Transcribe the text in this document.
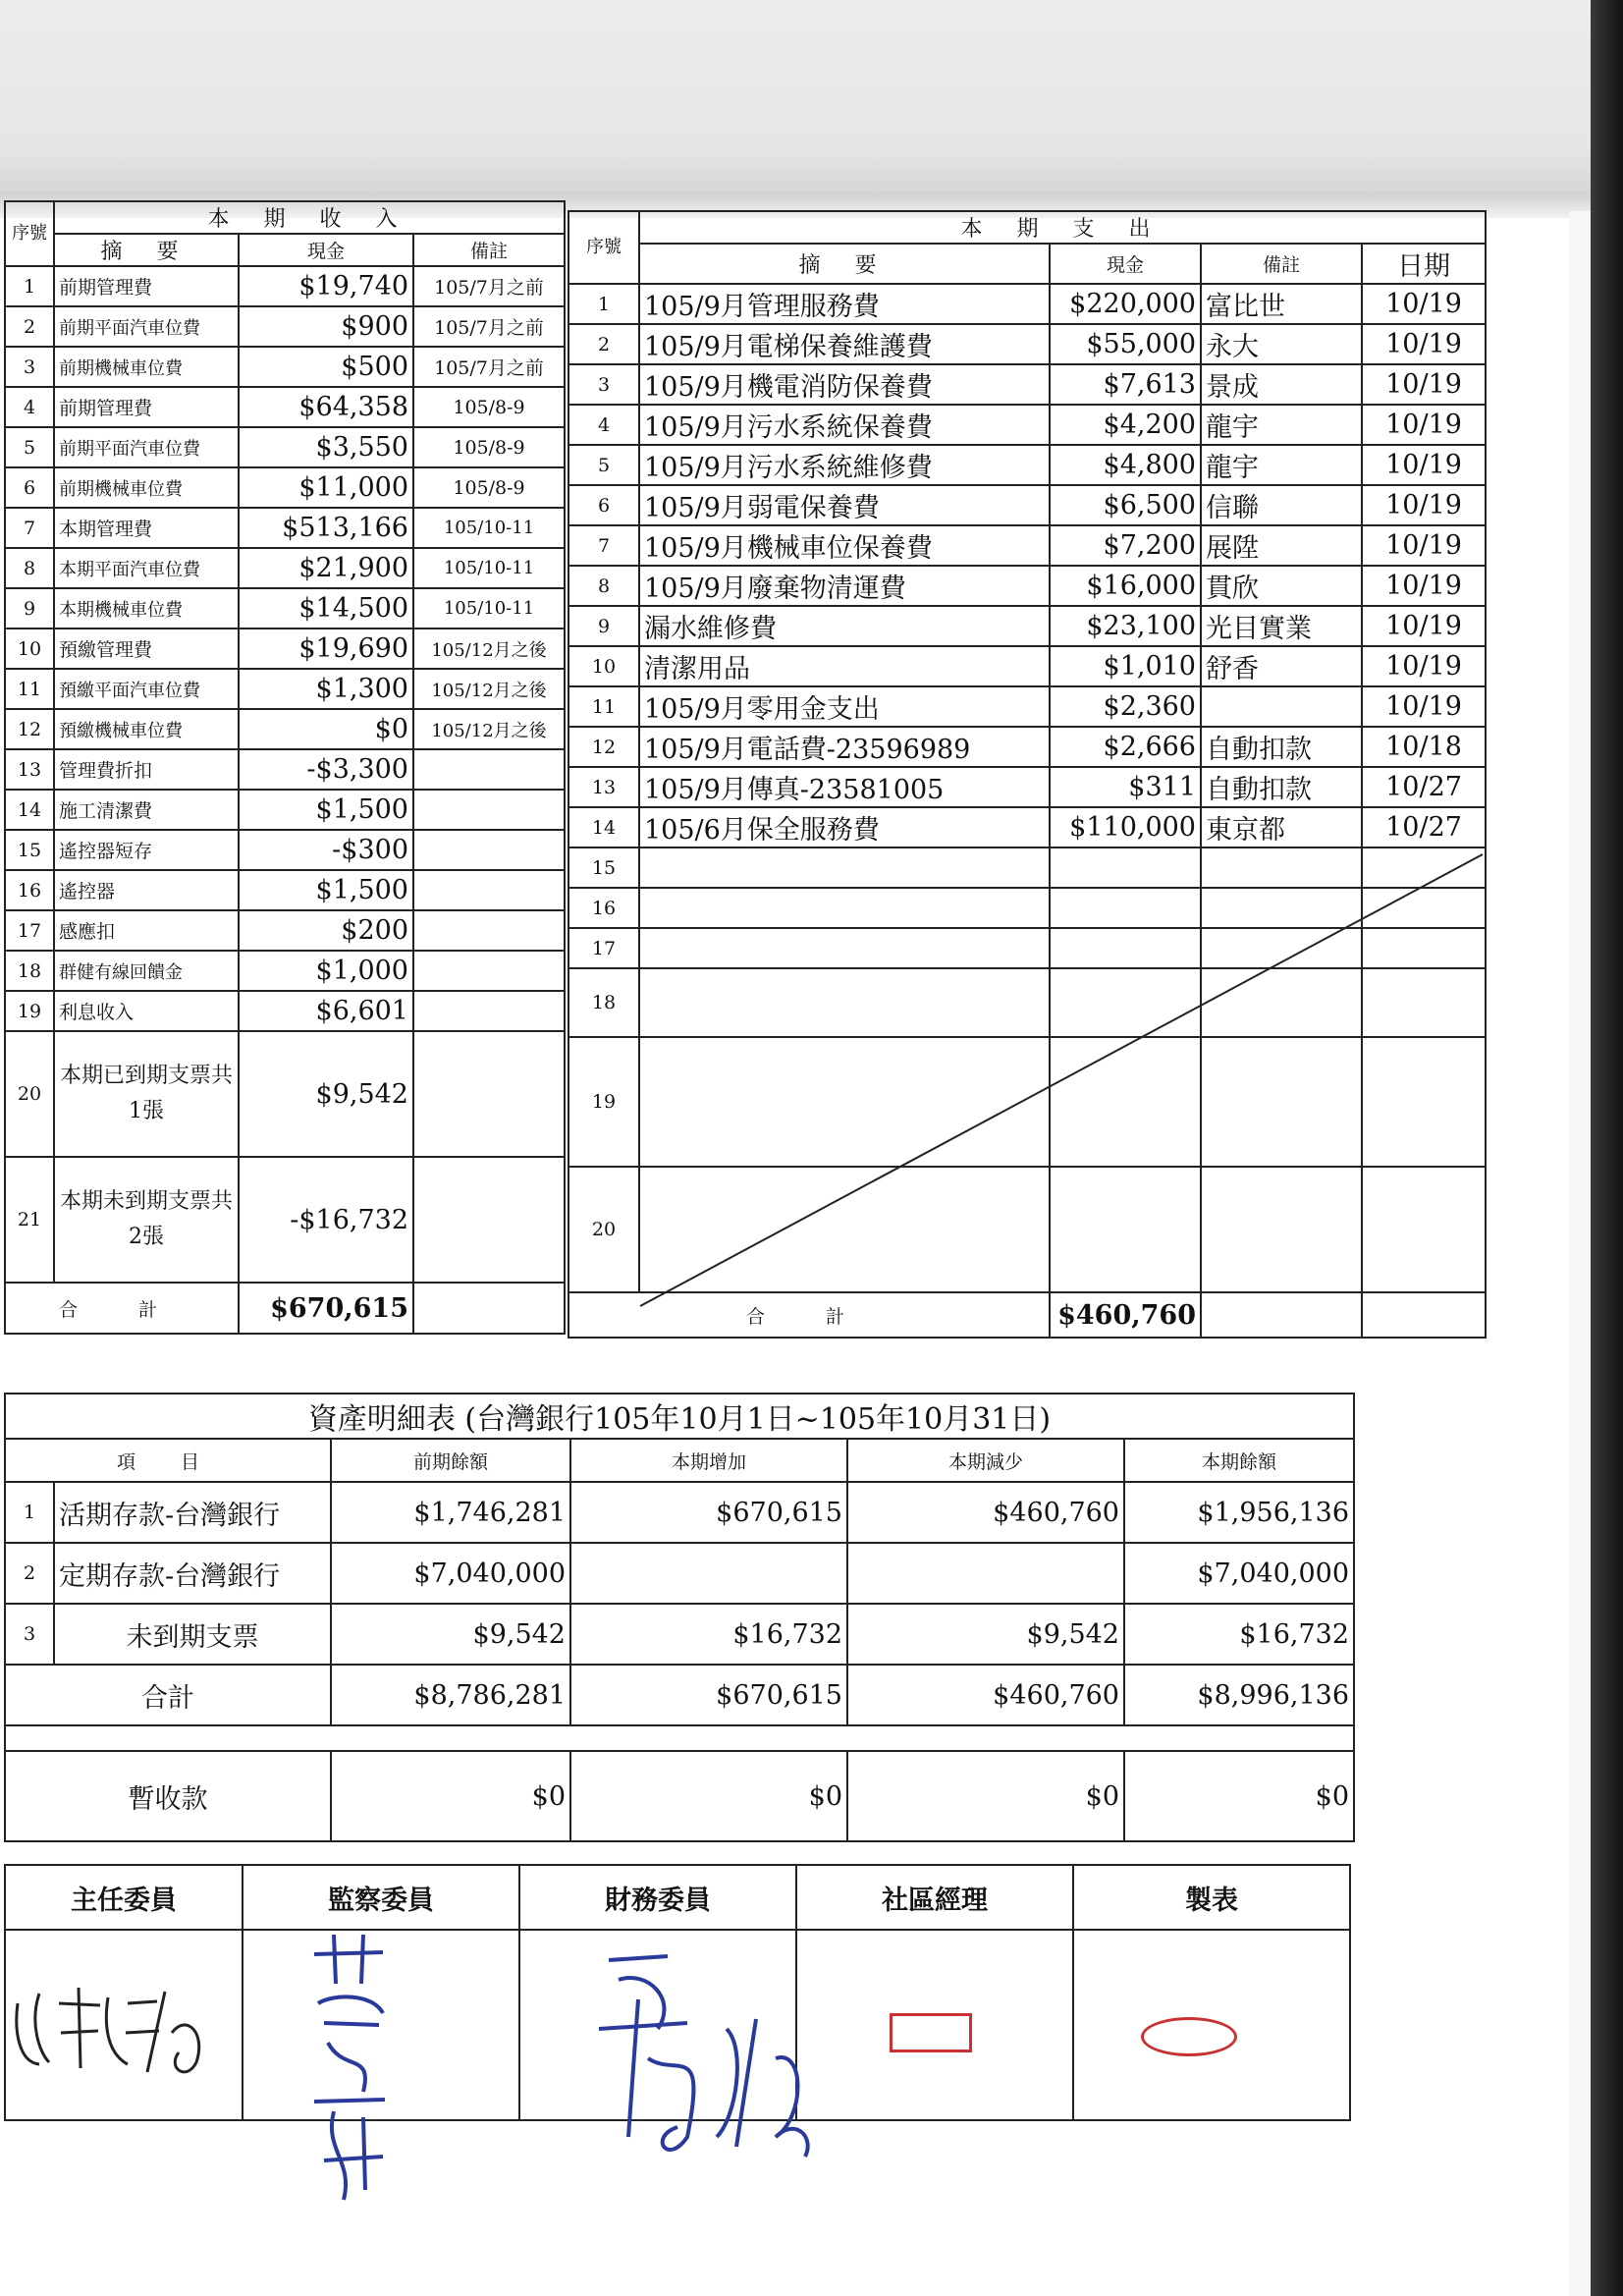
序號	本 期 收 入		
	摘 要	現金	備註
1	前期管理費	$19,740	105/7月之前
2	前期平面汽車位費	$900	105/7月之前
3	前期機械車位費	$500	105/7月之前
4	前期管理費	$64,358	105/8-9
5	前期平面汽車位費	$3,550	105/8-9
6	前期機械車位費	$11,000	105/8-9
7	本期管理費	$513,166	105/10-11
8	本期平面汽車位費	$21,900	105/10-11
9	本期機械車位費	$14,500	105/10-11
10	預繳管理費	$19,690	105/12月之後
11	預繳平面汽車位費	$1,300	105/12月之後
12	預繳機械車位費	$0	105/12月之後
13	管理費折扣	-$3,300	
14	施工清潔費	$1,500	
15	遙控器短存	-$300	
16	遙控器	$1,500	
17	感應扣	$200	
18	群健有線回饋金	$1,000	
19	利息收入	$6,601	
20	本期已到期支票共1張	$9,542	
21	本期未到期支票共2張	-$16,732	
合 計		$670,615	
序號	本 期 支 出			
	摘 要	現金	備註	日期
1	105/9月管理服務費	$220,000	富比世	10/19
2	105/9月電梯保養維護費	$55,000	永大	10/19
3	105/9月機電消防保養費	$7,613	景成	10/19
4	105/9月污水系統保養費	$4,200	龍宇	10/19
5	105/9月污水系統維修費	$4,800	龍宇	10/19
6	105/9月弱電保養費	$6,500	信聯	10/19
7	105/9月機械車位保養費	$7,200	展陞	10/19
8	105/9月廢棄物清運費	$16,000	貫欣	10/19
9	漏水維修費	$23,100	光目實業	10/19
10	清潔用品	$1,010	舒香	10/19
11	105/9月零用金支出	$2,360		10/19
12	105/9月電話費-23596989	$2,666	自動扣款	10/18
13	105/9月傳真-23581005	$311	自動扣款	10/27
14	105/6月保全服務費	$110,000	東京都	10/27
15				
16				
17				
18				
19				
20				
合 計		$460,760		
資產明細表 (台灣銀行105年10月1日~105年10月31日)					
項 目		前期餘額	本期增加	本期減少	本期餘額
1	活期存款-台灣銀行	$1,746,281	$670,615	$460,760	$1,956,136
2	定期存款-台灣銀行	$7,040,000			$7,040,000
3	未到期支票	$9,542	$16,732	$9,542	$16,732
合計		$8,786,281	$670,615	$460,760	$8,996,136

暫收款		$0	$0	$0	$0
主任委員	監察委員	財務委員	社區經理	製表
